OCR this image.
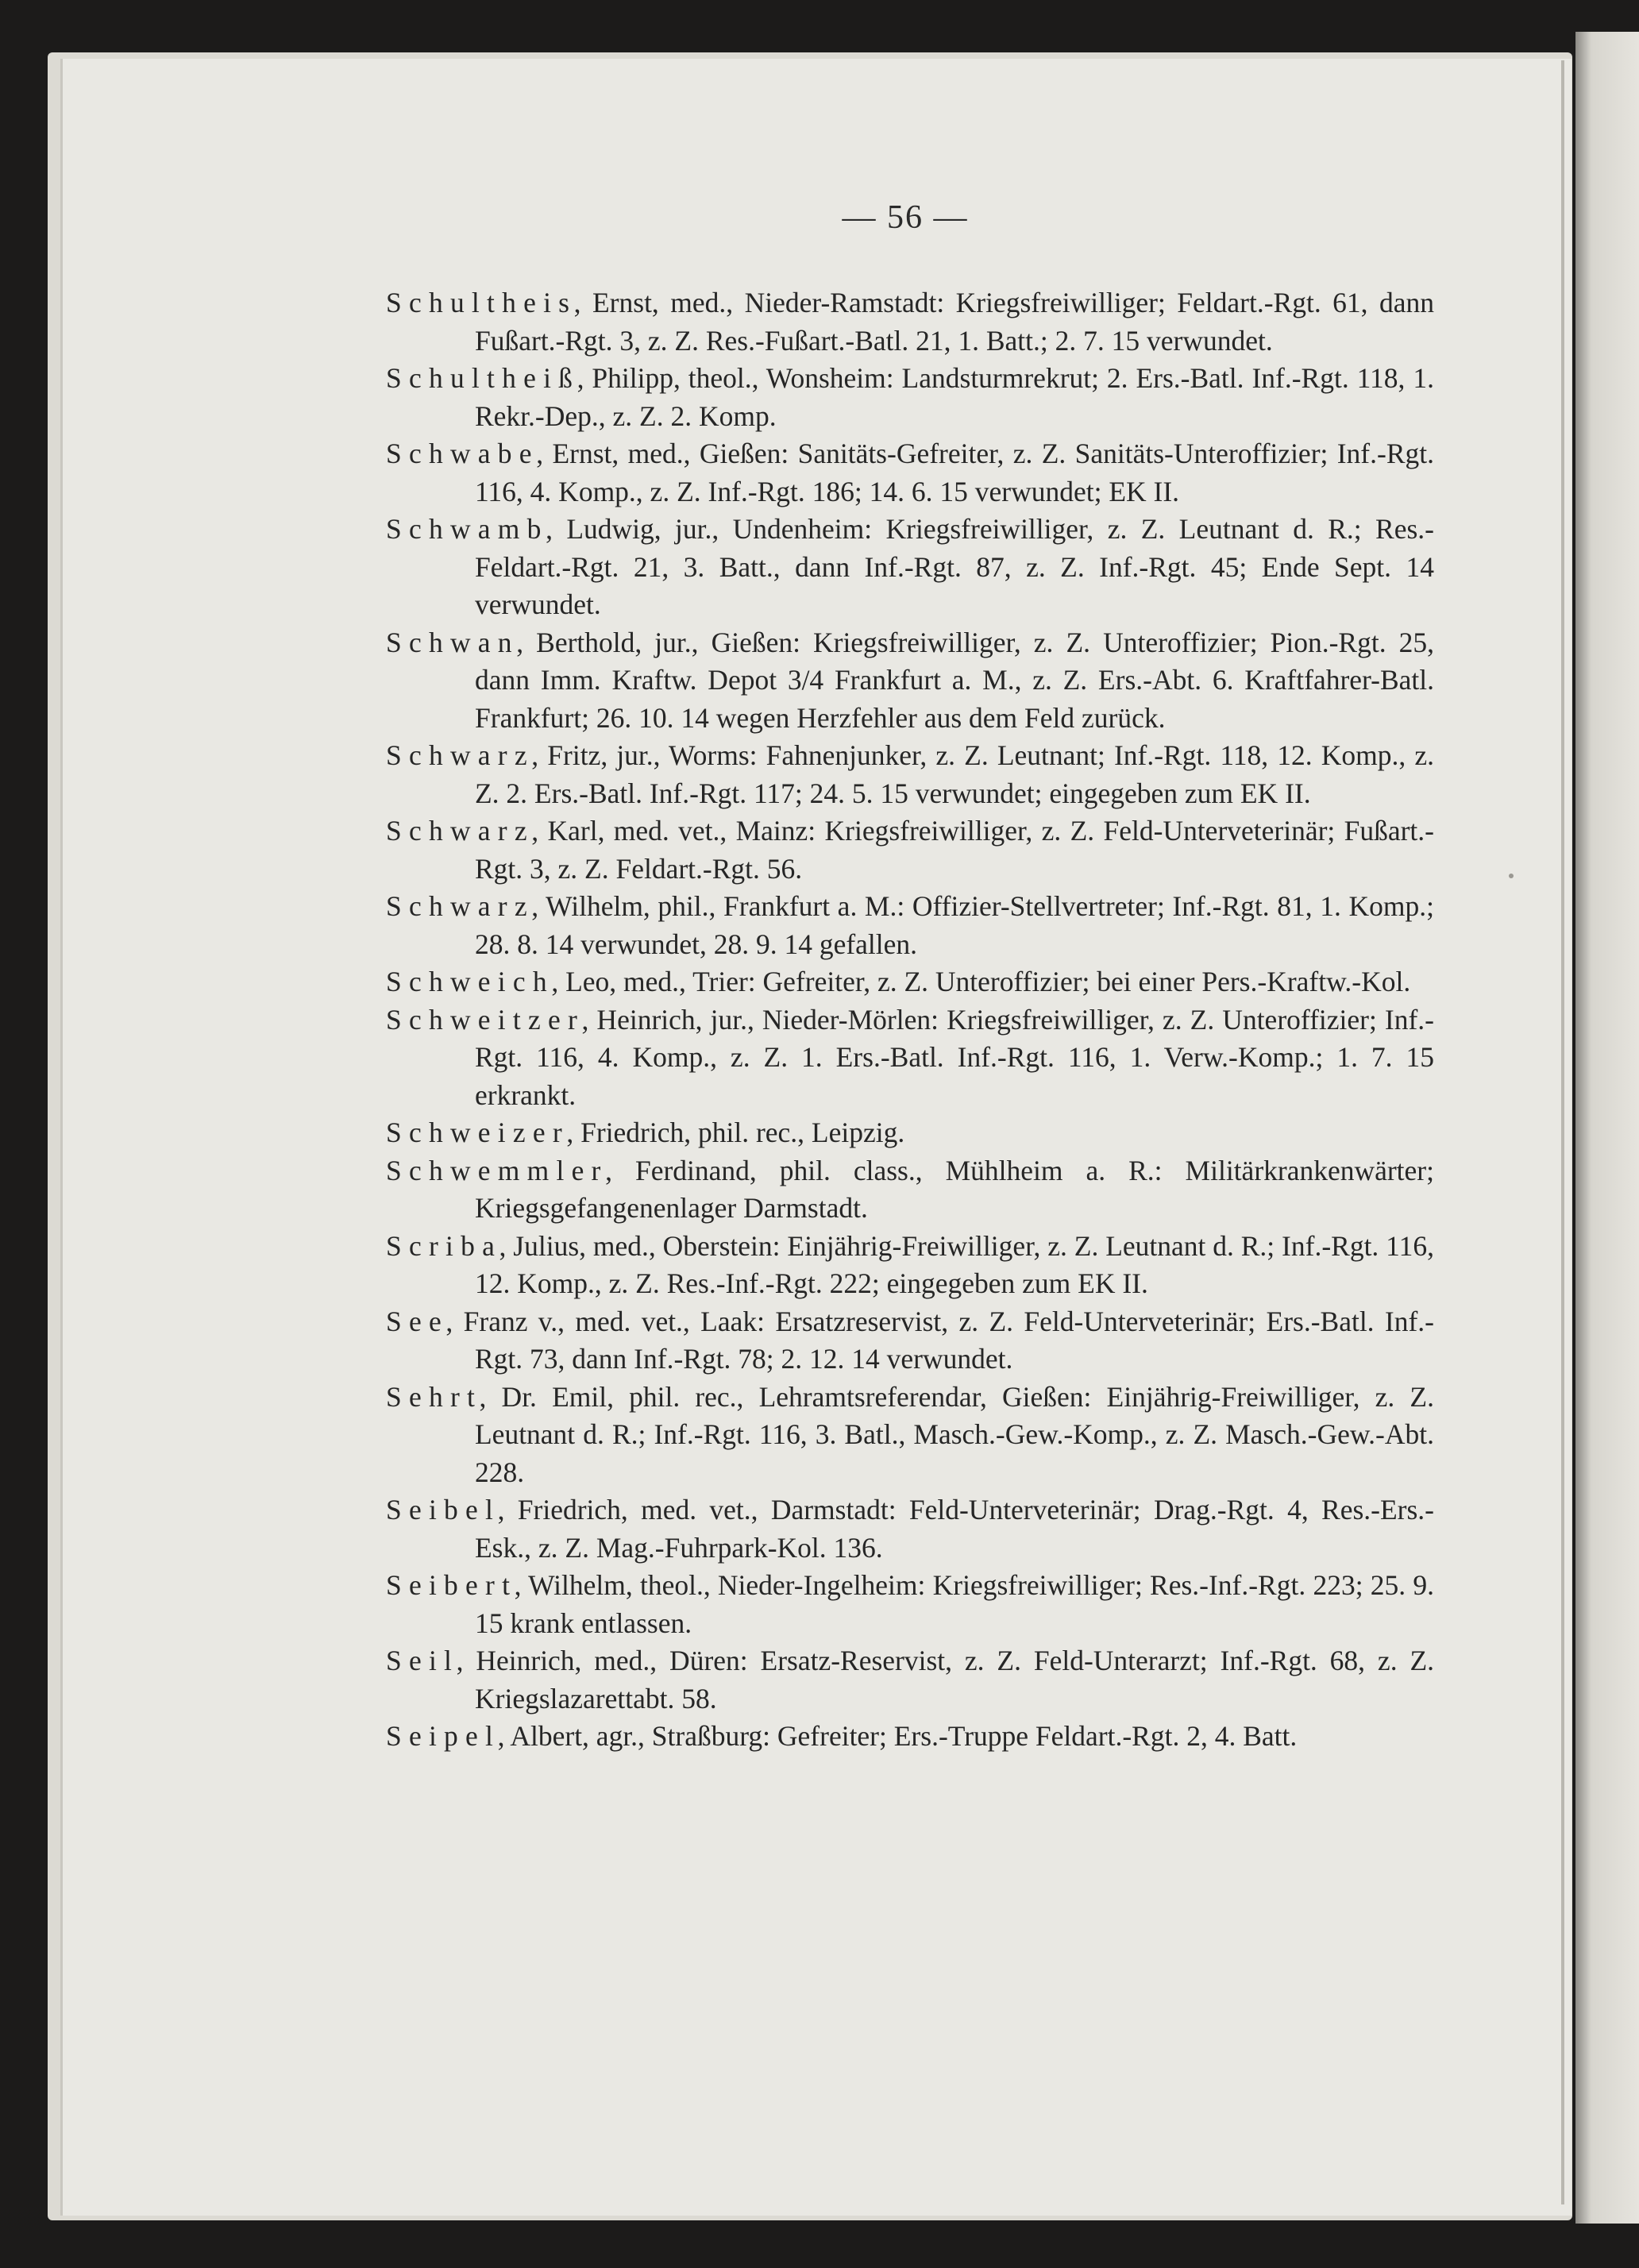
— 56 —
Schultheis, Ernst, med., Nieder-Ramstadt: Kriegsfreiwilliger; Feldart.-Rgt. 61, dann Fußart.-Rgt. 3, z. Z. Res.-Fußart.-Batl. 21, 1. Batt.; 2. 7. 15 verwundet.
Schultheiß, Philipp, theol., Wonsheim: Landsturmrekrut; 2. Ers.-Batl. Inf.-Rgt. 118, 1. Rekr.-Dep., z. Z. 2. Komp.
Schwabe, Ernst, med., Gießen: Sanitäts-Gefreiter, z. Z. Sanitäts-Unteroffizier; Inf.-Rgt. 116, 4. Komp., z. Z. Inf.-Rgt. 186; 14. 6. 15 verwundet; EK II.
Schwamb, Ludwig, jur., Undenheim: Kriegsfreiwilliger, z. Z. Leutnant d. R.; Res.-Feldart.-Rgt. 21, 3. Batt., dann Inf.-Rgt. 87, z. Z. Inf.-Rgt. 45; Ende Sept. 14 verwundet.
Schwan, Berthold, jur., Gießen: Kriegsfreiwilliger, z. Z. Unteroffizier; Pion.-Rgt. 25, dann Imm. Kraftw. Depot 3/4 Frankfurt a. M., z. Z. Ers.-Abt. 6. Kraftfahrer-Batl. Frankfurt; 26. 10. 14 wegen Herzfehler aus dem Feld zurück.
Schwarz, Fritz, jur., Worms: Fahnenjunker, z. Z. Leutnant; Inf.-Rgt. 118, 12. Komp., z. Z. 2. Ers.-Batl. Inf.-Rgt. 117; 24. 5. 15 verwundet; eingegeben zum EK II.
Schwarz, Karl, med. vet., Mainz: Kriegsfreiwilliger, z. Z. Feld-Unterveterinär; Fußart.-Rgt. 3, z. Z. Feldart.-Rgt. 56.
Schwarz, Wilhelm, phil., Frankfurt a. M.: Offizier-Stellvertreter; Inf.-Rgt. 81, 1. Komp.; 28. 8. 14 verwundet, 28. 9. 14 gefallen.
Schweich, Leo, med., Trier: Gefreiter, z. Z. Unteroffizier; bei einer Pers.-Kraftw.-Kol.
Schweitzer, Heinrich, jur., Nieder-Mörlen: Kriegsfreiwilliger, z. Z. Unteroffizier; Inf.-Rgt. 116, 4. Komp., z. Z. 1. Ers.-Batl. Inf.-Rgt. 116, 1. Verw.-Komp.; 1. 7. 15 erkrankt.
Schweizer, Friedrich, phil. rec., Leipzig.
Schwemmler, Ferdinand, phil. class., Mühlheim a. R.: Militärkrankenwärter; Kriegsgefangenenlager Darmstadt.
Scriba, Julius, med., Oberstein: Einjährig-Freiwilliger, z. Z. Leutnant d. R.; Inf.-Rgt. 116, 12. Komp., z. Z. Res.-Inf.-Rgt. 222; eingegeben zum EK II.
See, Franz v., med. vet., Laak: Ersatzreservist, z. Z. Feld-Unterveterinär; Ers.-Batl. Inf.-Rgt. 73, dann Inf.-Rgt. 78; 2. 12. 14 verwundet.
Sehrt, Dr. Emil, phil. rec., Lehramtsreferendar, Gießen: Einjährig-Freiwilliger, z. Z. Leutnant d. R.; Inf.-Rgt. 116, 3. Batl., Masch.-Gew.-Komp., z. Z. Masch.-Gew.-Abt. 228.
Seibel, Friedrich, med. vet., Darmstadt: Feld-Unterveterinär; Drag.-Rgt. 4, Res.-Ers.-Esk., z. Z. Mag.-Fuhrpark-Kol. 136.
Seibert, Wilhelm, theol., Nieder-Ingelheim: Kriegsfreiwilliger; Res.-Inf.-Rgt. 223; 25. 9. 15 krank entlassen.
Seil, Heinrich, med., Düren: Ersatz-Reservist, z. Z. Feld-Unterarzt; Inf.-Rgt. 68, z. Z. Kriegslazarettabt. 58.
Seipel, Albert, agr., Straßburg: Gefreiter; Ers.-Truppe Feldart.-Rgt. 2, 4. Batt.
